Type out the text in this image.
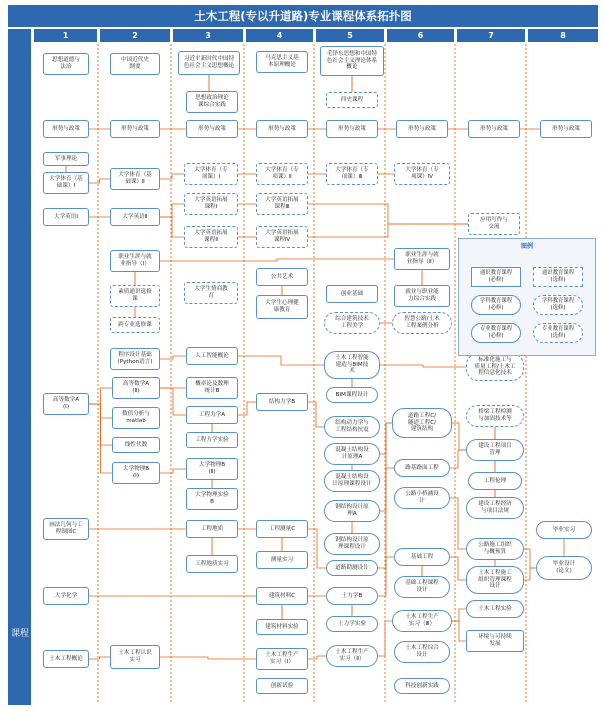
土木工程(专以升道路)专业课程体系拓扑图
课程
1	2	3	4	5	6	7	8
思想道德与
法治
形势与政策
军事理论
大学体育（基
础课）Ⅰ
大学英语Ⅰ
高等数学A
(Ⅰ)
画法几何与工
程制图C
大学化学
土木工程概论
中国近代史
纲要
形势与政策
大学体育（基
础课）Ⅱ
大学英语Ⅱ
职业生涯与就
业指导（Ⅰ）
素质通识选修
课
跨专业选修课
程序设计基础
(Python语言)
高等数学A
(Ⅱ)
数值分析与
matlab
线性代数
大学物理B
(Ⅰ)
土木工程认识
实习
习近平新时代中国特
色社会主义思想概论
思想政治理论
课综合实践
形势与政策
大学体育（专
项课）Ⅰ
大学英语拓展
课程Ⅰ
大学英语拓展
课程Ⅱ
大学生情商教
育
人工智能概论
概率论及数理
统计B
工程力学A
工程力学实验
大学物理B
(Ⅱ)
大学物理实验
B
工程地质
工程地质实习
马克思主义基
本原理概论
形势与政策
大学体育（专
项课）Ⅱ
大学英语拓展
课程Ⅲ
大学英语拓展
课程Ⅳ
公共艺术
大学生心理健
康教育
结构力学B
工程测量C
测量实习
建筑材料C
建筑材料实验
土木工程生产
实习（Ⅰ）
创新试验
毛泽东思想和中国特
色社会主义理论体系
概论
四史课程
形势与政策
大学体育（专
项课）Ⅲ
创业基础
综合建筑技术
工程美学
土木工程智能
建造与BIM技
术
BIM课程设计
结构动力学与
工程结构抗震
混凝土结构设
计原理A
混凝土结构设
计原理课程设计
钢结构设计原
理A
钢结构设计原
理课程设计
道路勘测设计
土力学B
土力学实验
土木工程生产
实习（Ⅱ）
形势与政策
大学体育（专
项课）Ⅳ
职业生涯与就
业指导（Ⅱ）
就业与职业能
力综合实践
智慧公路/土木
工程案例分析
道路工程C/
隧道工程C/
建筑结构
路基路面工程
公路小桥涵设
计
基础工程
基础工程课程
设计
土木工程生产
实习（Ⅲ）
土木工程综合
设计
科技创新实践
形势与政策
应用写作与
交流
标准化施工与
质量工程/土木工
程信息化技术
桥梁工程检测
与加固技术等
建设工程项目
管理
工程伦理
建设工程经济
与项目法规
公路施工组织
与概预算
土木工程施工
组织管理课程
设计
土木工程实验
环境与可持续
发展
形势与政策
毕业实习
毕业设计
(论文)
图例
通识教育课程
(必修)
通识教育课程
(选修)
学科教育课程
(必修)
学科教育课程
(选修)
专业教育课程
(必修)
专业教育课程
(选修)
